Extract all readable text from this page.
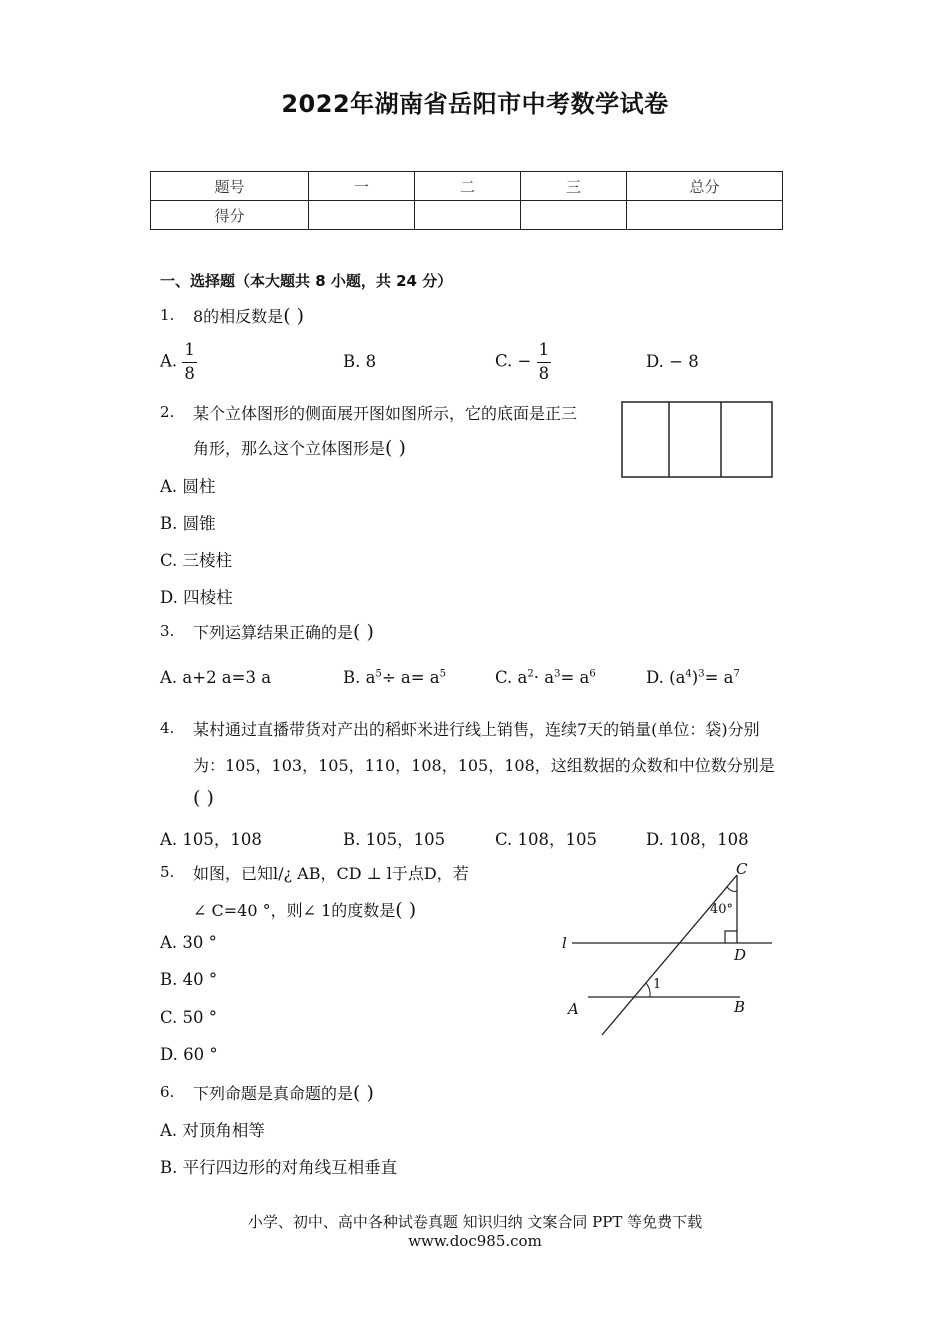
2022年湖南省岳阳市中考数学试卷
题号	一	二	三	总分
得分				
一、选择题（本大题共 8 小题，共 24 分）
1. 8的相反数是( )
A. $\frac{1}{8}$	B. 8	C. − $\frac{1}{8}$	D. − 8
2. 某个立体图形的侧面展开图如图所示，它的底面是正三
角形，那么这个立体图形是( )
A. 圆柱
B. 圆锥
C. 三棱柱
D. 四棱柱
3. 下列运算结果正确的是( )
A. a+2 a=3 a	B. $a^5\div a= a^5$	C. $a^2\cdot a^3= a^6$	D. $(a^4)^3= a^7$
4. 某村通过直播带货对产出的稻虾米进行线上销售，连续7天的销量(单位：袋)分别
为：105，103，105，110，108，105，108，这组数据的众数和中位数分别是
( )
A. 105，108	B. 105，105	C. 108，105	D. 108，108
5. 如图，已知l/¿ AB，CD ⊥ l于点D，若
∠ C=40 °，则∠ 1的度数是( )
A. 30 °
B. 40 °
C. 50 °
D. 60 °
C
D
l
A	B
40°
1
6. 下列命题是真命题的是( )
A. 对顶角相等
B. 平行四边形的对角线互相垂直
小学、初中、高中各种试卷真题 知识归纳 文案合同 PPT 等免费下载
www.doc985.com
